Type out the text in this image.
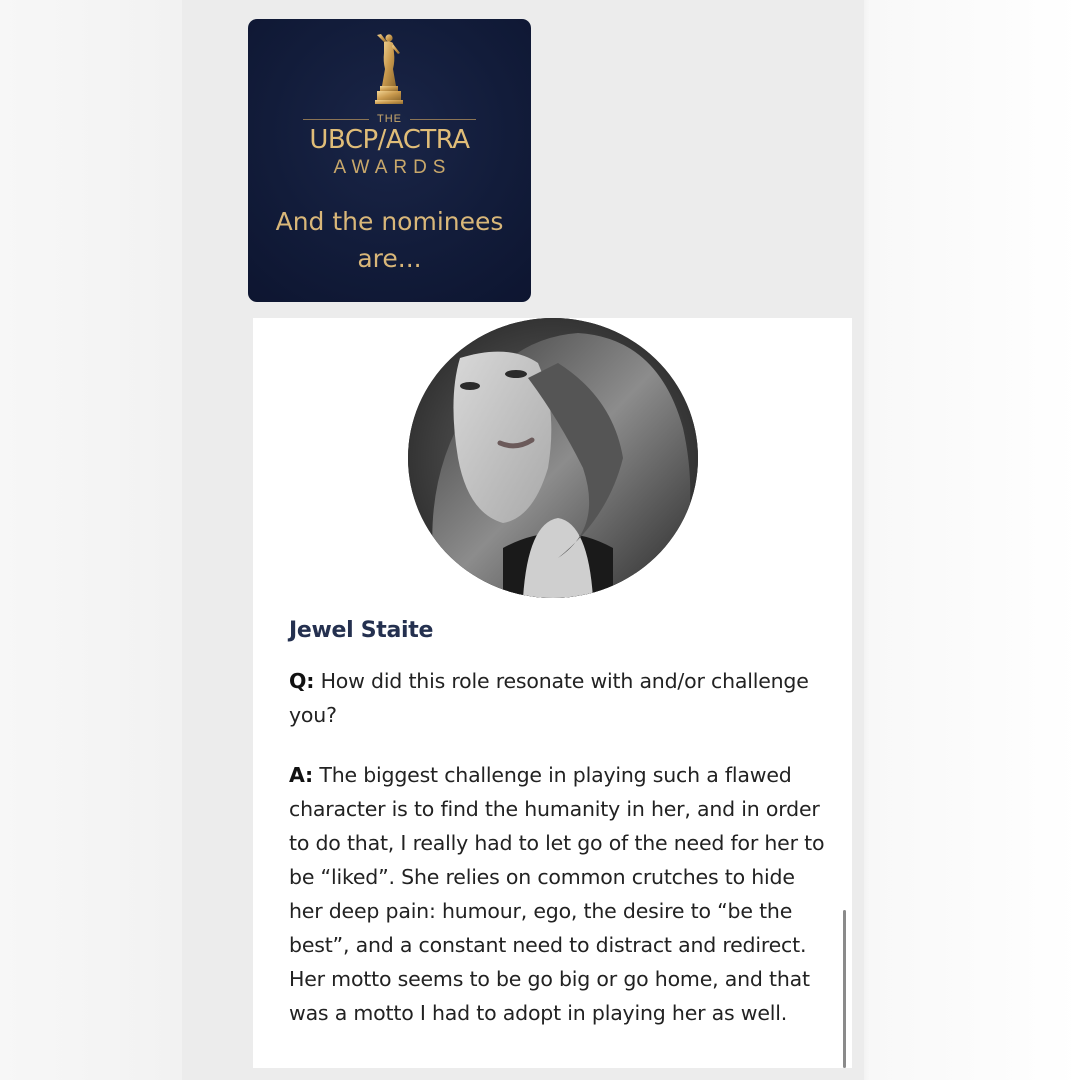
THE
UBCP/ACTRA
AWARDS
And the nominees
are...
Jewel Staite

Q: How did this role resonate with and/or challenge you?

A: The biggest challenge in playing such a flawed character is to find the humanity in her, and in order to do that, I really had to let go of the need for her to be “liked”. She relies on common crutches to hide her deep pain: humour, ego, the desire to “be the best”, and a constant need to distract and redirect. Her motto seems to be go big or go home, and that was a motto I had to adopt in playing her as well.
